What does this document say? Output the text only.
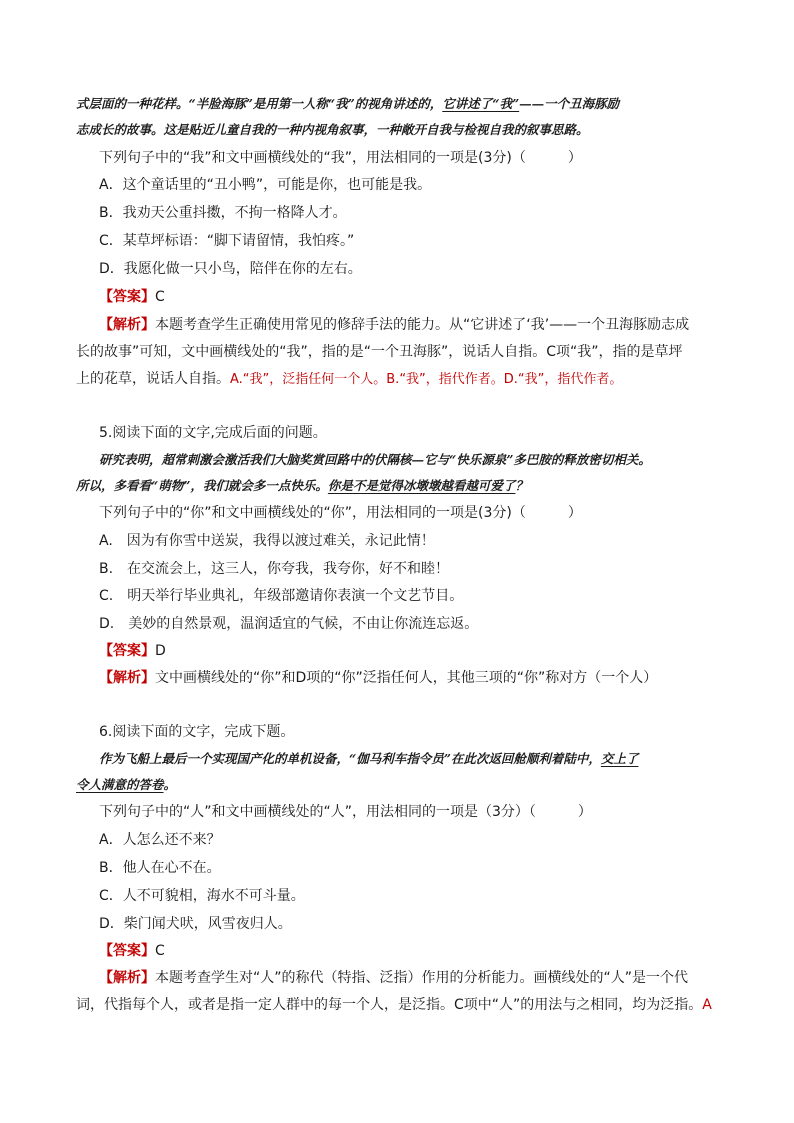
式层面的一种花样。“半脸海豚”是用第一人称“我”的视角讲述的，它讲述了“我”——一个丑海豚励
志成长的故事。这是贴近儿童自我的一种内视角叙事，一种敞开自我与检视自我的叙事思路。
下列句子中的“我”和文中画横线处的“我”，用法相同的一项是(3分)（　　　）
A．这个童话里的“丑小鸭”，可能是你，也可能是我。
B．我劝天公重抖擞，不拘一格降人才。
C．某草坪标语：“脚下请留情，我怕疼。”
D．我愿化做一只小鸟，陪伴在你的左右。
【答案】C
【解析】本题考查学生正确使用常见的修辞手法的能力。从“它讲述了‘我’——一个丑海豚励志成
长的故事”可知，文中画横线处的“我”，指的是“一个丑海豚”，说话人自指。C项“我”，指的是草坪
上的花草，说话人自指。A.“我”，泛指任何一个人。B.“我”，指代作者。D.“我”，指代作者。
5.阅读下面的文字,完成后面的问题。
研究表明，超常刺激会激活我们大脑奖赏回路中的伏隔核—它与“快乐源泉”多巴胺的释放密切相关。
所以，多看看“萌物”，我们就会多一点快乐。你是不是觉得冰墩墩越看越可爱了？
下列句子中的“你”和文中画横线处的“你”，用法相同的一项是(3分)（　　　）
A.　因为有你雪中送炭，我得以渡过难关，永记此情！
B.　在交流会上，这三人，你夸我，我夸你，好不和睦！
C.　明天举行毕业典礼，年级部邀请你表演一个文艺节目。
D.　美妙的自然景观，温润适宜的气候，不由让你流连忘返。
【答案】D
【解析】文中画横线处的“你”和D项的“你”泛指任何人，其他三项的“你”称对方（一个人）
6.阅读下面的文字，完成下题。
作为飞船上最后一个实现国产化的单机设备，“伽马利车指令员”在此次返回舱顺利着陆中，交上了
令人满意的答卷。
下列句子中的“人”和文中画横线处的“人”，用法相同的一项是（3分）（　　　）
A．人怎么还不来？
B．他人在心不在。
C．人不可貌相，海水不可斗量。
D．柴门闻犬吠，风雪夜归人。
【答案】C
【解析】本题考查学生对“人”的称代（特指、泛指）作用的分析能力。画横线处的“人”是一个代
词，代指每个人，或者是指一定人群中的每一个人，是泛指。C项中“人”的用法与之相同，均为泛指。A
